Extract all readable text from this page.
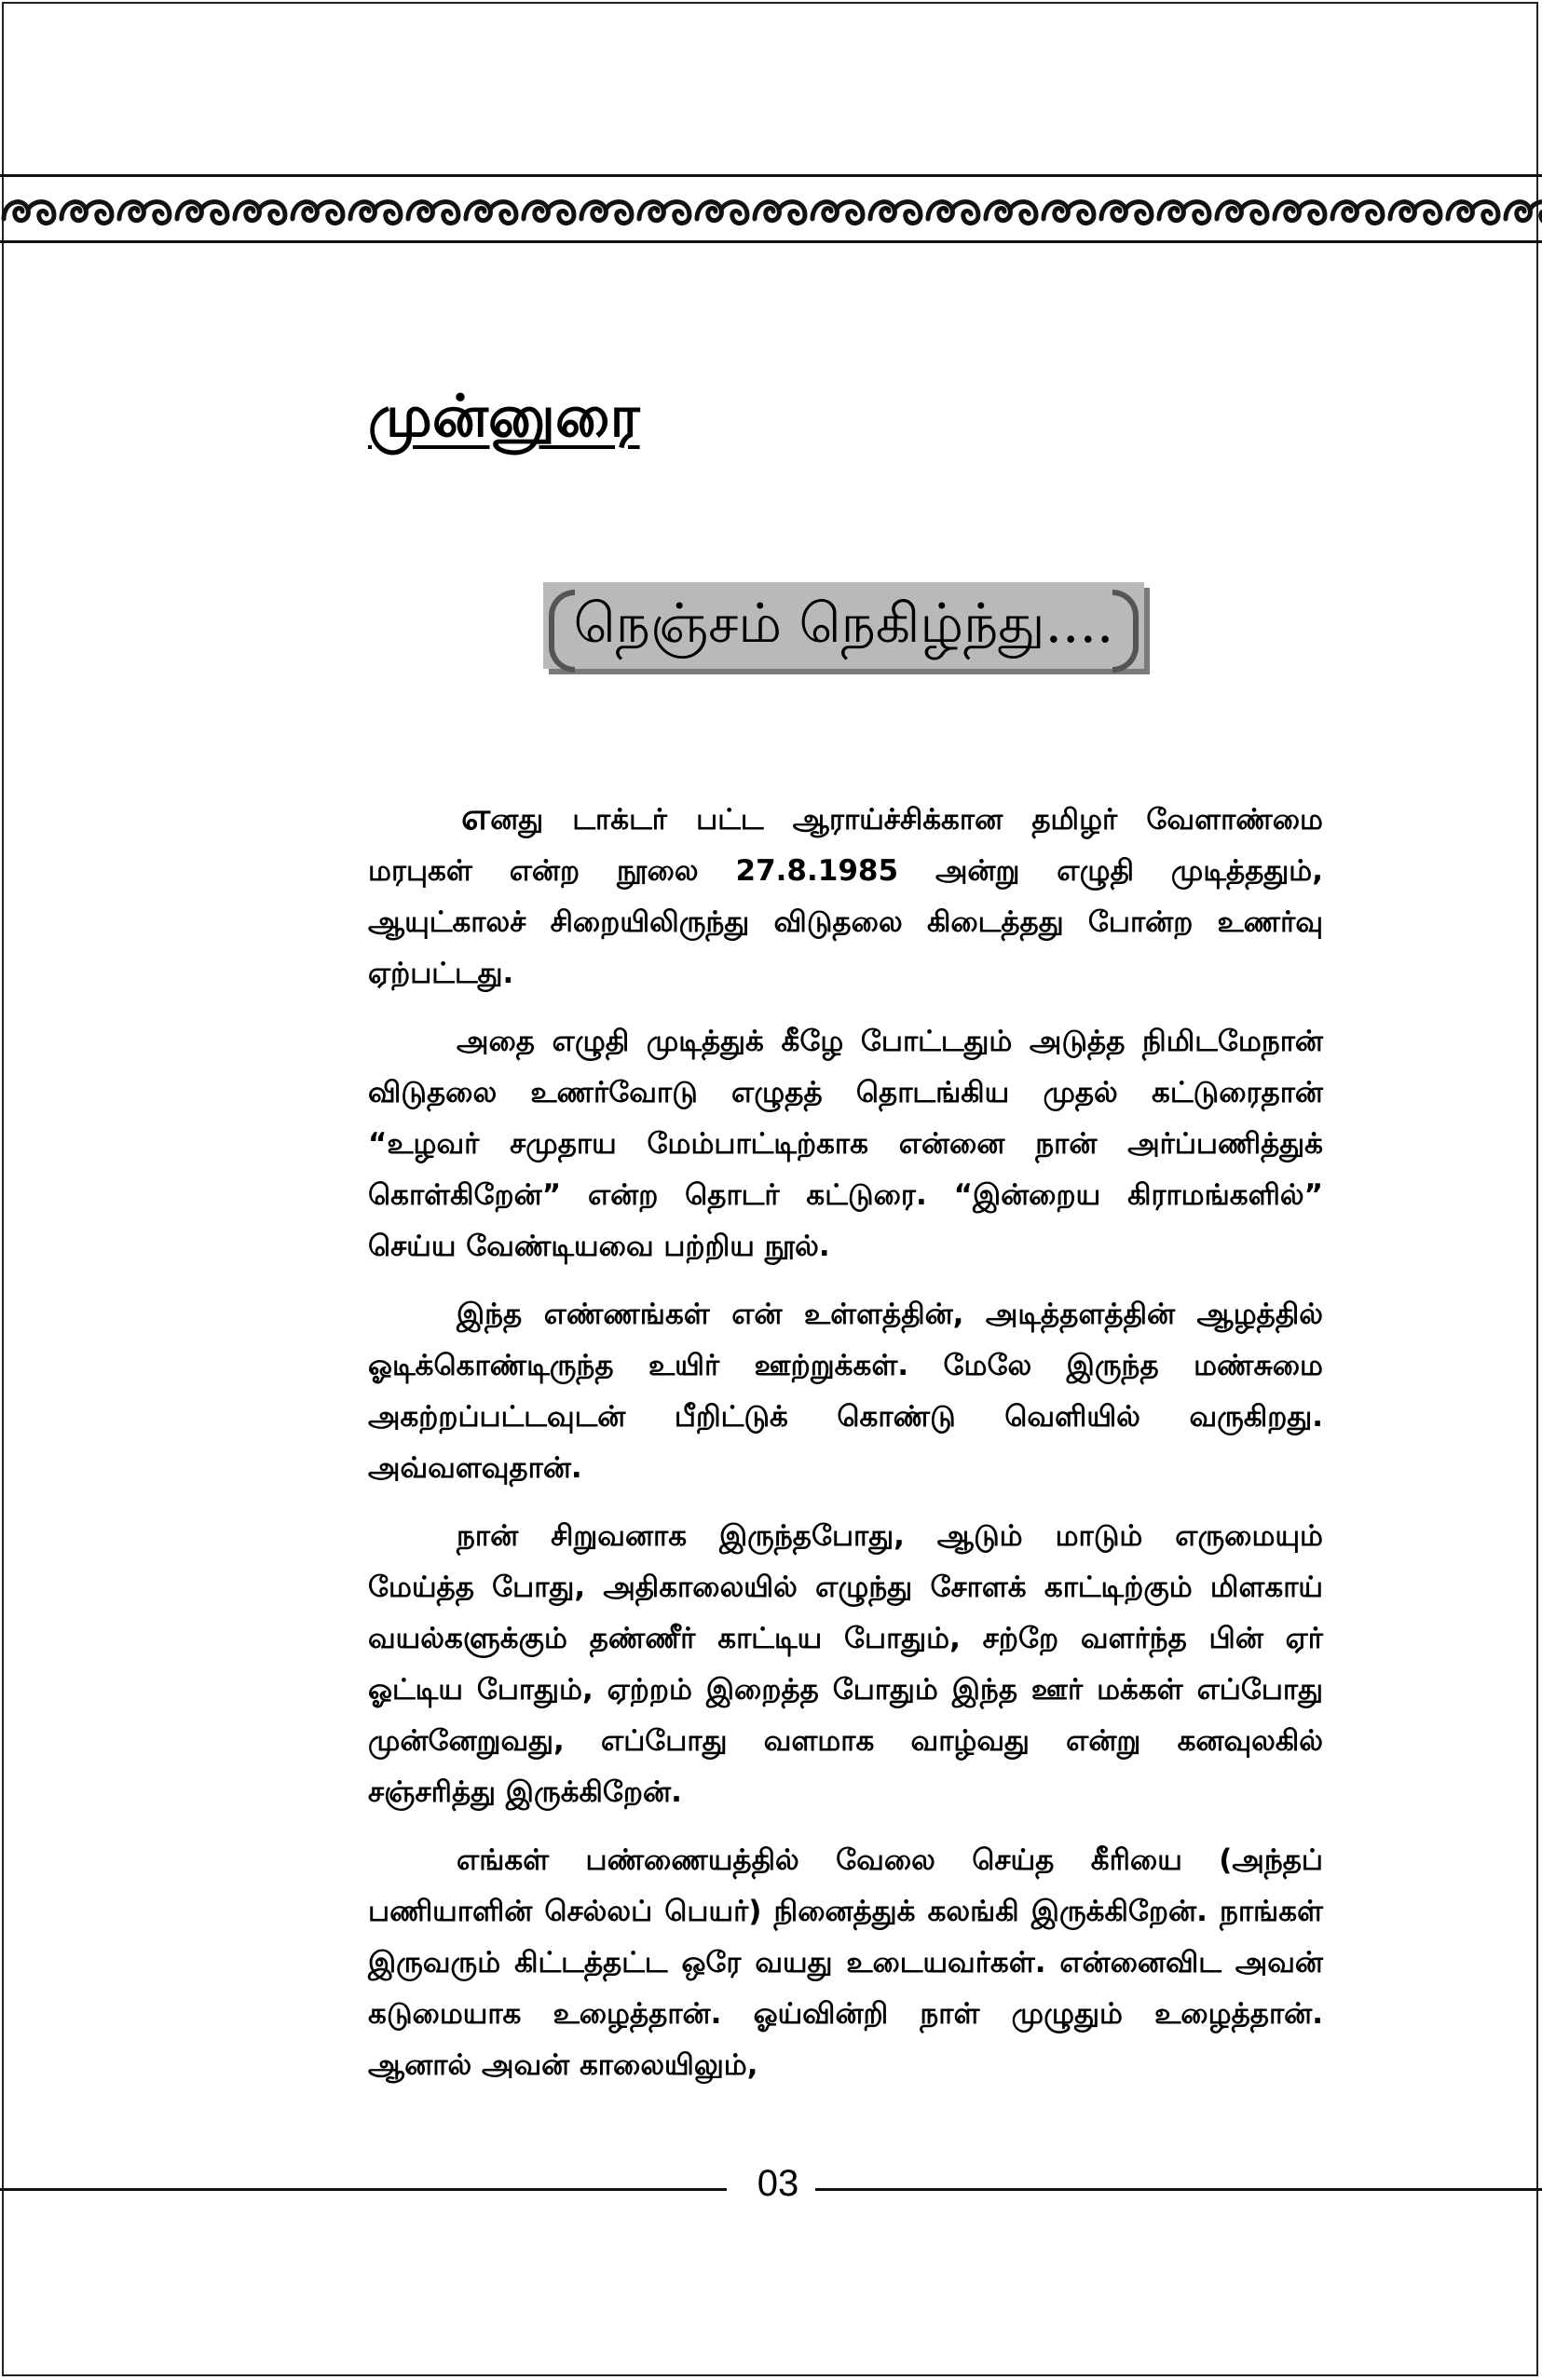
முன்னுரை
நெஞ்சம் நெகிழ்ந்து....

எனது டாக்டர் பட்ட ஆராய்ச்சிக்கான தமிழர் வேளாண்மை மரபுகள் என்ற நூலை 27.8.1985 அன்று எழுதி முடித்ததும், ஆயுட்காலச் சிறையிலிருந்து விடுதலை கிடைத்தது போன்ற உணர்வு ஏற்பட்டது.

அதை எழுதி முடித்துக் கீழே போட்டதும் அடுத்த நிமிடமேநான் விடுதலை உணர்வோடு எழுதத் தொடங்கிய முதல் கட்டுரைதான் “உழவர் சமுதாய மேம்பாட்டிற்காக என்னை நான் அர்ப்பணித்துக் கொள்கிறேன்” என்ற தொடர் கட்டுரை. “இன்றைய கிராமங்களில்” செய்ய வேண்டியவை பற்றிய நூல்.

இந்த எண்ணங்கள் என் உள்ளத்தின், அடித்தளத்தின் ஆழத்தில் ஓடிக்கொண்டிருந்த உயிர் ஊற்றுக்கள். மேலே இருந்த மண்சுமை அகற்றப்பட்டவுடன் பீறிட்டுக் கொண்டு வெளியில் வருகிறது. அவ்வளவுதான்.

நான் சிறுவனாக இருந்தபோது, ஆடும் மாடும் எருமையும் மேய்த்த போது, அதிகாலையில் எழுந்து சோளக் காட்டிற்கும் மிளகாய் வயல்களுக்கும் தண்ணீர் காட்டிய போதும், சற்றே வளர்ந்த பின் ஏர் ஓட்டிய போதும், ஏற்றம் இறைத்த போதும் இந்த ஊர் மக்கள் எப்போது முன்னேறுவது, எப்போது வளமாக வாழ்வது என்று கனவுலகில் சஞ்சரித்து இருக்கிறேன்.

எங்கள் பண்ணையத்தில் வேலை செய்த கீரியை (அந்தப் பணியாளின் செல்லப் பெயர்) நினைத்துக் கலங்கி இருக்கிறேன். நாங்கள் இருவரும் கிட்டத்தட்ட ஒரே வயது உடையவர்கள். என்னைவிட அவன் கடுமையாக உழைத்தான். ஓய்வின்றி நாள் முழுதும் உழைத்தான். ஆனால் அவன் காலையிலும்,

03
